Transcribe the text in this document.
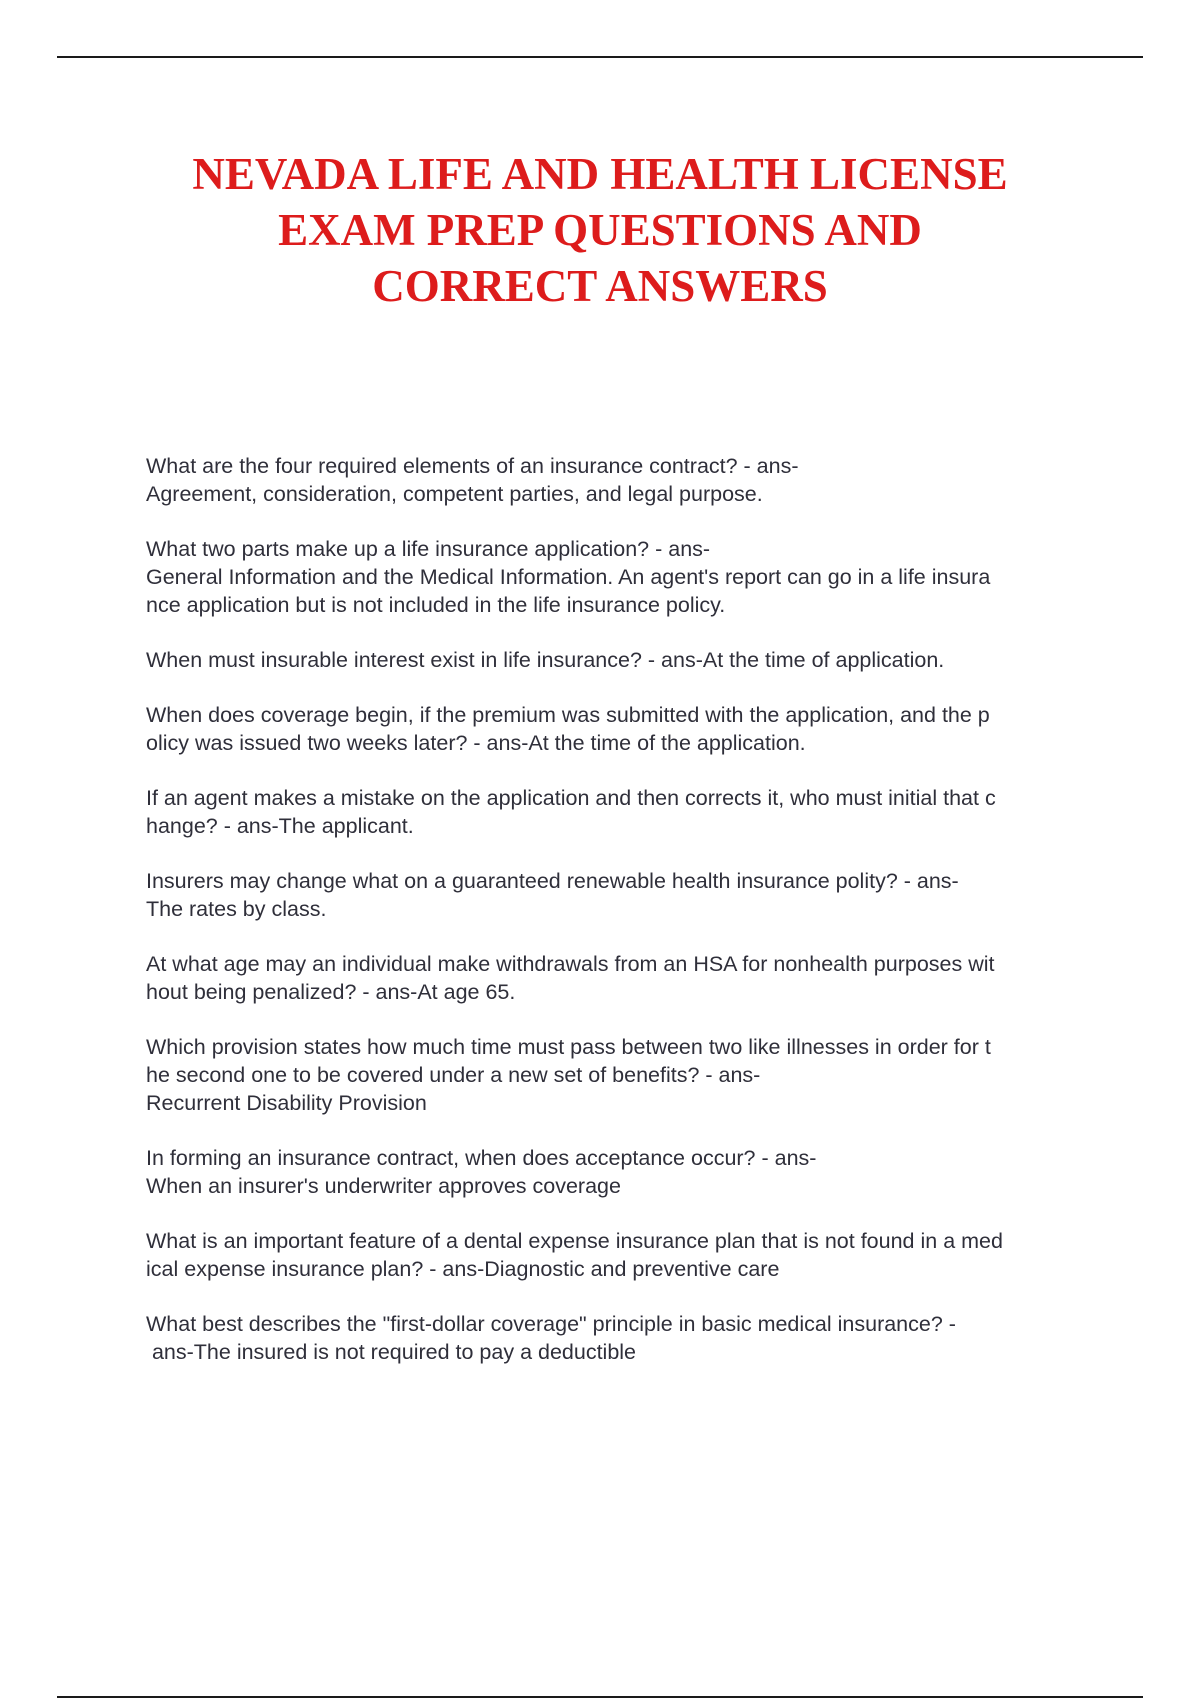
NEVADA LIFE AND HEALTH LICENSE
EXAM PREP QUESTIONS AND
CORRECT ANSWERS

What are the four required elements of an insurance contract? - ans-
Agreement, consideration, competent parties, and legal purpose.

What two parts make up a life insurance application? - ans-
General Information and the Medical Information. An agent's report can go in a life insura
nce application but is not included in the life insurance policy.

When must insurable interest exist in life insurance? - ans-At the time of application.

When does coverage begin, if the premium was submitted with the application, and the p
olicy was issued two weeks later? - ans-At the time of the application.

If an agent makes a mistake on the application and then corrects it, who must initial that c
hange? - ans-The applicant.

Insurers may change what on a guaranteed renewable health insurance polity? - ans-
The rates by class.

At what age may an individual make withdrawals from an HSA for nonhealth purposes wit
hout being penalized? - ans-At age 65.

Which provision states how much time must pass between two like illnesses in order for t
he second one to be covered under a new set of benefits? - ans-
Recurrent Disability Provision

In forming an insurance contract, when does acceptance occur? - ans-
When an insurer's underwriter approves coverage

What is an important feature of a dental expense insurance plan that is not found in a med
ical expense insurance plan? - ans-Diagnostic and preventive care

What best describes the "first-dollar coverage" principle in basic medical insurance? -
ans-The insured is not required to pay a deductible
